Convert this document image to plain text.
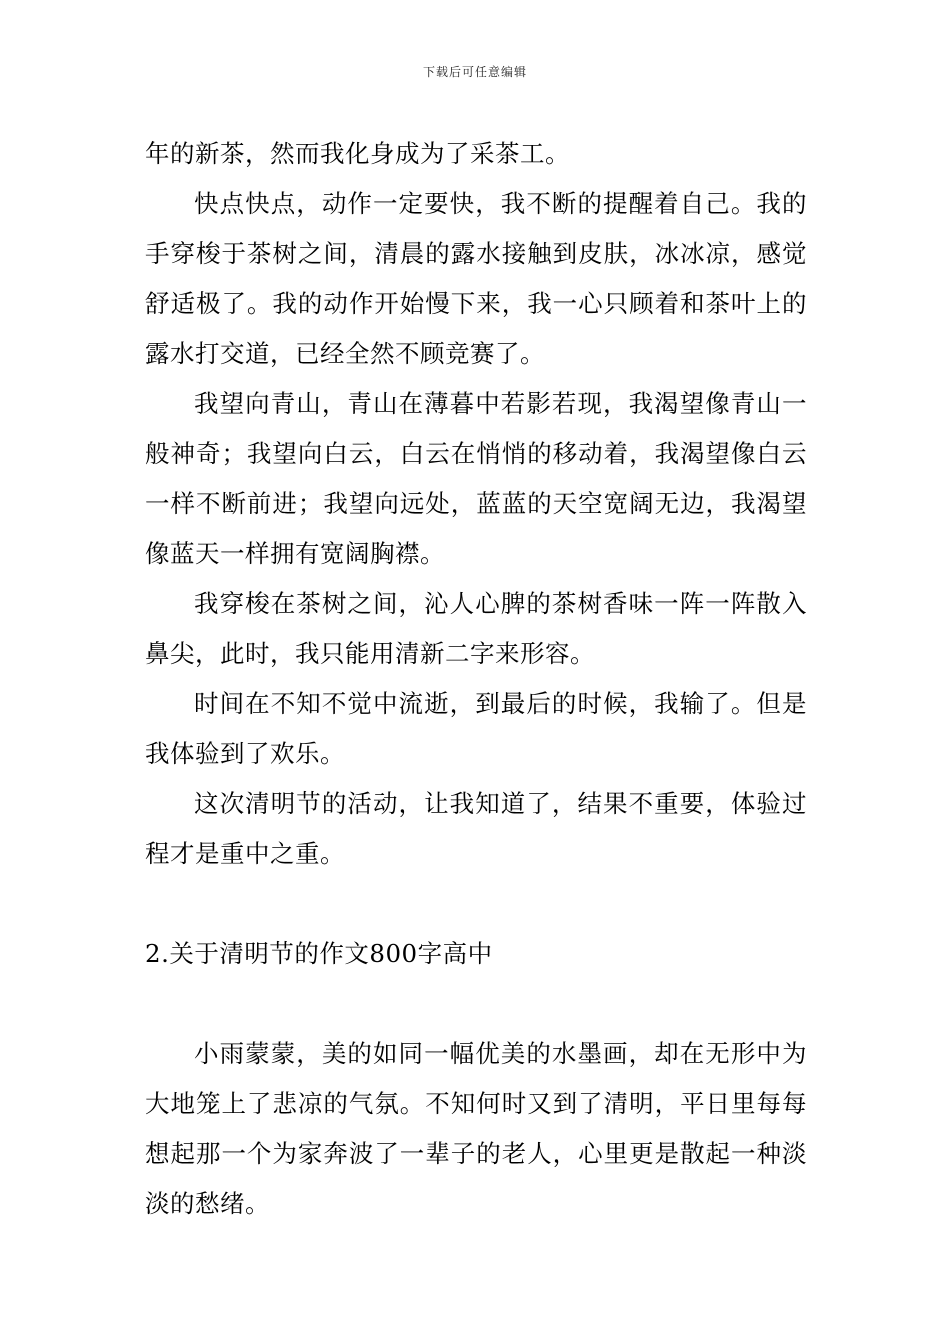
下载后可任意编辑

年的新茶，然而我化身成为了采茶工。

快点快点，动作一定要快，我不断的提醒着自己。我的手穿梭于茶树之间，清晨的露水接触到皮肤，冰冰凉，感觉舒适极了。我的动作开始慢下来，我一心只顾着和茶叶上的露水打交道，已经全然不顾竞赛了。

我望向青山，青山在薄暮中若影若现，我渴望像青山一般神奇；我望向白云，白云在悄悄的移动着，我渴望像白云一样不断前进；我望向远处，蓝蓝的天空宽阔无边，我渴望像蓝天一样拥有宽阔胸襟。

我穿梭在茶树之间，沁人心脾的茶树香味一阵一阵散入鼻尖，此时，我只能用清新二字来形容。

时间在不知不觉中流逝，到最后的时候，我输了。但是我体验到了欢乐。

这次清明节的活动，让我知道了，结果不重要，体验过程才是重中之重。

2.关于清明节的作文800字高中

小雨蒙蒙，美的如同一幅优美的水墨画，却在无形中为大地笼上了悲凉的气氛。不知何时又到了清明，平日里每每想起那一个为家奔波了一辈子的老人，心里更是散起一种淡淡的愁绪。
